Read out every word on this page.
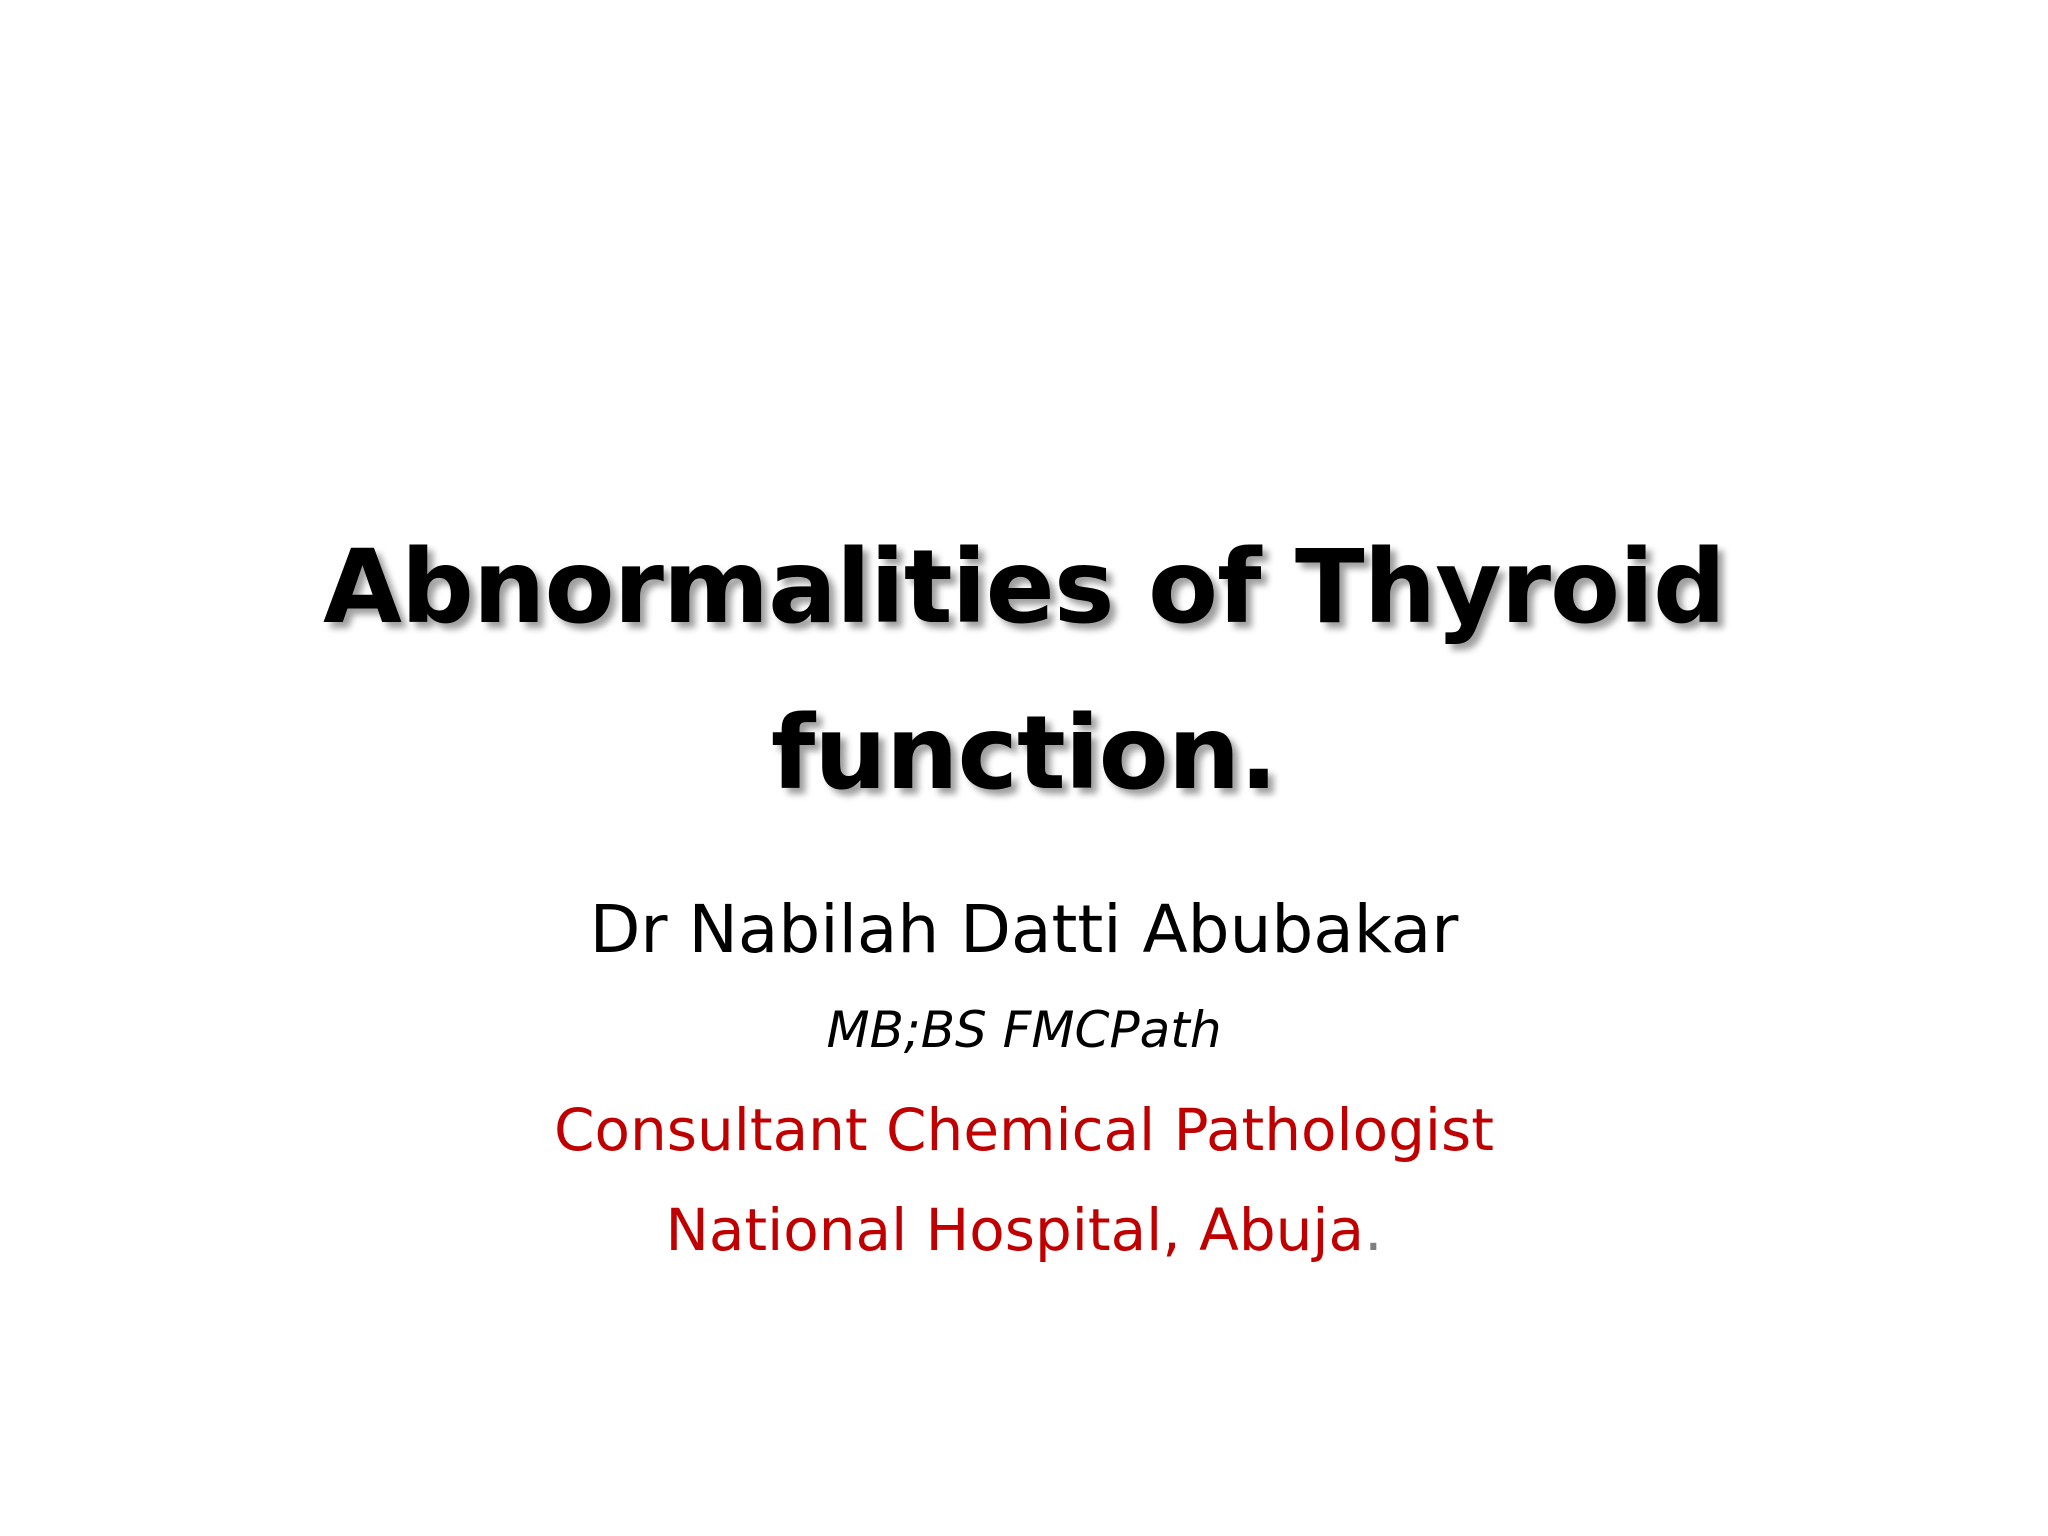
Abnormalities of Thyroid
function.

Dr Nabilah Datti Abubakar

MB;BS FMCPath

Consultant Chemical Pathologist

National Hospital, Abuja.
